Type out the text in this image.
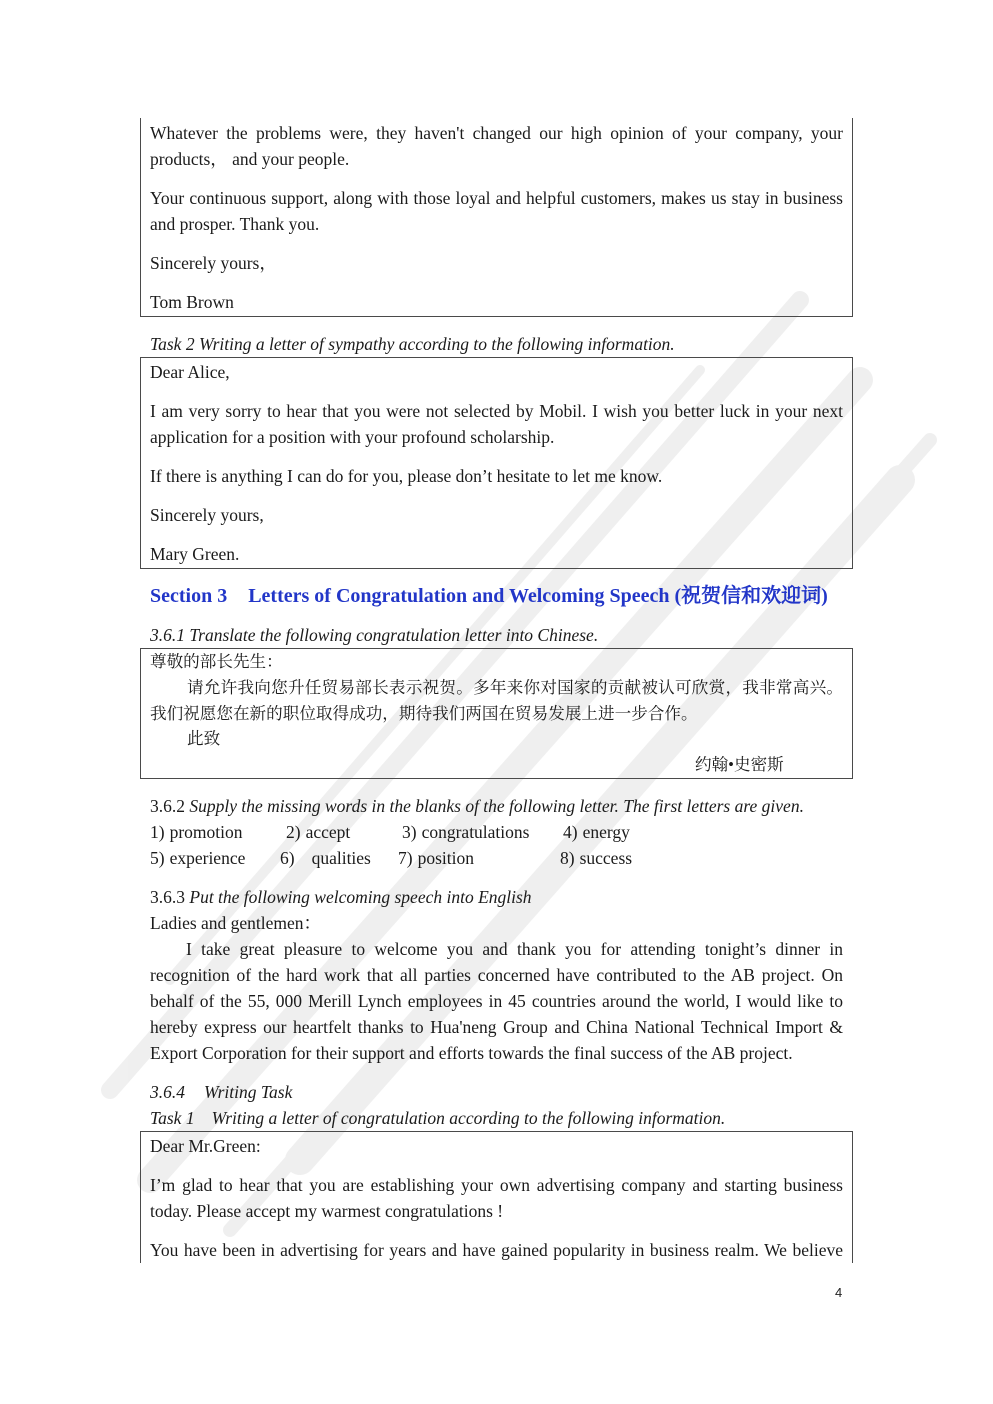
Whatever the problems were, they haven't changed our high opinion of your company, your products， and your people.

Your continuous support, along with those loyal and helpful customers, makes us stay in business and prosper. Thank you.

Sincerely yours，

Tom Brown

Task 2 Writing a letter of sympathy according to the following information.

Dear Alice,

I am very sorry to hear that you were not selected by Mobil. I wish you better luck in your next application for a position with your profound scholarship.

If there is anything I can do for you, please don’t hesitate to let me know.

Sincerely yours,

Mary Green.

Section 3 Letters of Congratulation and Welcoming Speech (祝贺信和欢迎词)
3.6.1 Translate the following congratulation letter into Chinese.

尊敬的部长先生：

请允许我向您升任贸易部长表示祝贺。多年来你对国家的贡献被认可欣赏，我非常高兴。我们祝愿您在新的职位取得成功，期待我们两国在贸易发展上进一步合作。

此致

约翰•史密斯

3.6.2 Supply the missing words in the blanks of the following letter. The first letters are given.
1) promotion 2) accept	3) congratulations 4) energy
5) experience 6) qualities 7) position	8) success
3.6.3 Put the following welcoming speech into English
Ladies and gentlemen：

I take great pleasure to welcome you and thank you for attending tonight’s dinner in recognition of the hard work that all parties concerned have contributed to the AB project. On behalf of the 55, 000 Merill Lynch employees in 45 countries around the world, I would like to hereby express our heartfelt thanks to Hua'neng Group and China National Technical Import & Export Corporation for their support and efforts towards the final success of the AB project.

3.6.4 Writing Task
Task 1 Writing a letter of congratulation according to the following information.

Dear Mr.Green:

I’m glad to hear that you are establishing your own advertising company and starting business today. Please accept my warmest congratulations !

You have been in advertising for years and have gained popularity in business realm. We believe

4
